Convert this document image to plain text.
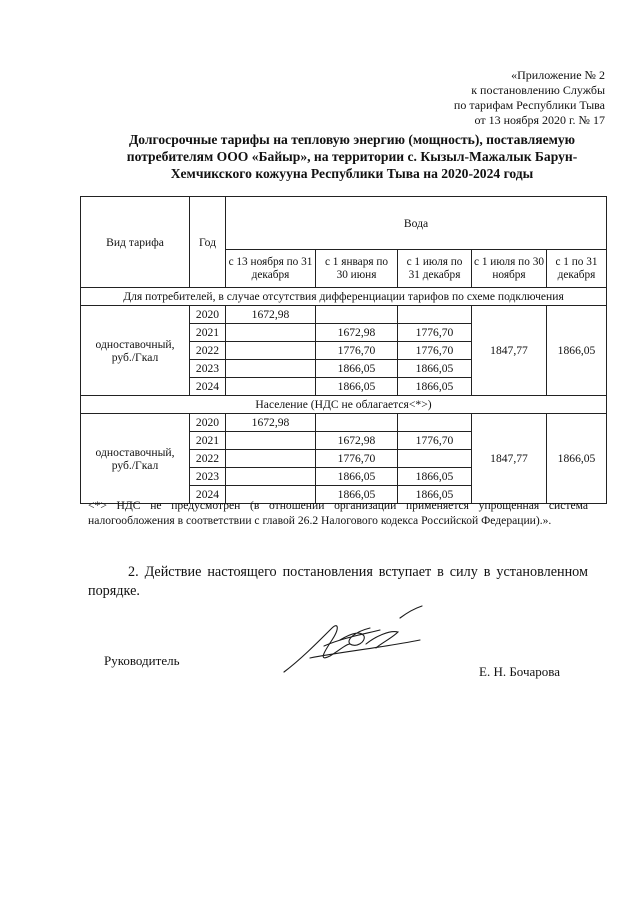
«Приложение № 2
к постановлению Службы
по тарифам Республики Тыва
от 13 ноября 2020 г. № 17
Долгосрочные тарифы на тепловую энергию (мощность), поставляемую
потребителям ООО «Байыр», на территории с. Кызыл-Мажалык Барун-
Хемчикского кожууна Республики Тыва на 2020-2024 годы
Вид тарифа	Год	Вода				
		с 13 ноября по 31 декабря	с 1 января по 30 июня	с 1 июля по 31 декабря	с 1 июля по 30 ноября	с 1 по 31 декабря
Для потребителей, в случае отсутствия дифференциации тарифов по схеме подключения						
одноставочный, руб./Гкал	2020	1672,98			1847,77	1866,05
	2021		1672,98	1776,70		
	2022		1776,70	1776,70		
	2023		1866,05	1866,05		
	2024		1866,05	1866,05		
Население (НДС не облагается<*>)						
одноставочный, руб./Гкал	2020	1672,98			1847,77	1866,05
	2021		1672,98	1776,70		
	2022		1776,70			
	2023		1866,05	1866,05		
	2024		1866,05	1866,05		
<*> НДС не предусмотрен (в отношении организации применяется упрощенная система налогообложения в соответствии с главой 26.2 Налогового кодекса Российской Федерации).».
2. Действие настоящего постановления вступает в силу в установленном порядке.
Руководитель
Е. Н. Бочарова
